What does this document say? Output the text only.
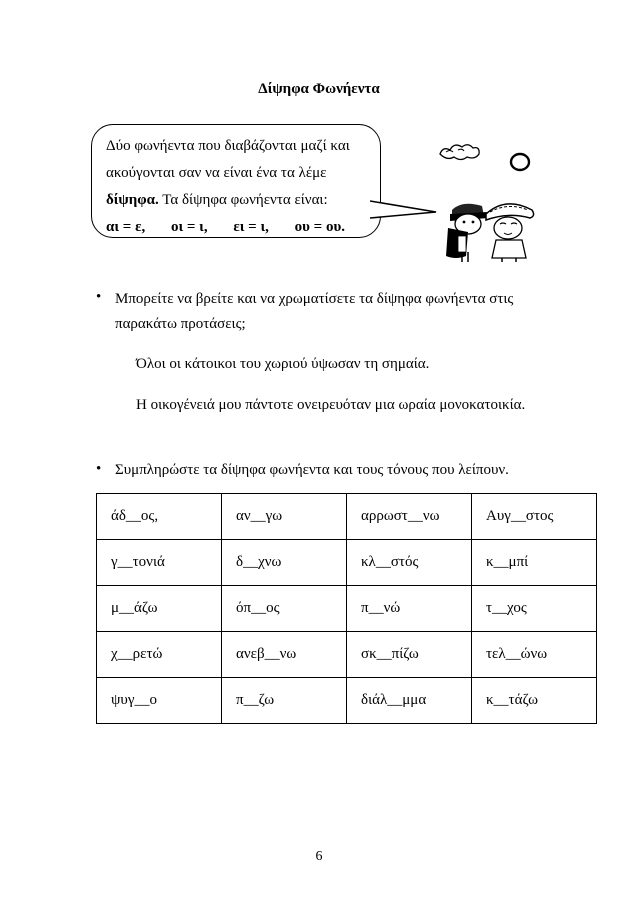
Δίψηφα Φωνήεντα
Δύο φωνήεντα που διαβάζονται μαζί και
ακούγονται σαν να είναι ένα τα λέμε
δίψηφα. Τα δίψηφα φωνήεντα είναι:
αι = ε, οι = ι, ει = ι, ου = ου.
• Μπορείτε να βρείτε και να χρωματίσετε τα δίψηφα φωνήεντα στις
παρακάτω προτάσεις;
Όλοι οι κάτοικοι του χωριού ύψωσαν τη σημαία.
Η οικογένειά μου πάντοτε ονειρευόταν μια ωραία μονοκατοικία.
• Συμπληρώστε τα δίψηφα φωνήεντα και τους τόνους που λείπουν.
άδ__ος,	αν__γω	αρρωστ__νω	Αυγ__στος
γ__τονιά	δ__χνω	κλ__στός	κ__μπί
μ__άζω	όπ__ος	π__νώ	τ__χος
χ__ρετώ	ανεβ__νω	σκ__πίζω	τελ__ώνω
ψυγ__ο	π__ζω	διάλ__μμα	κ__τάζω
6
